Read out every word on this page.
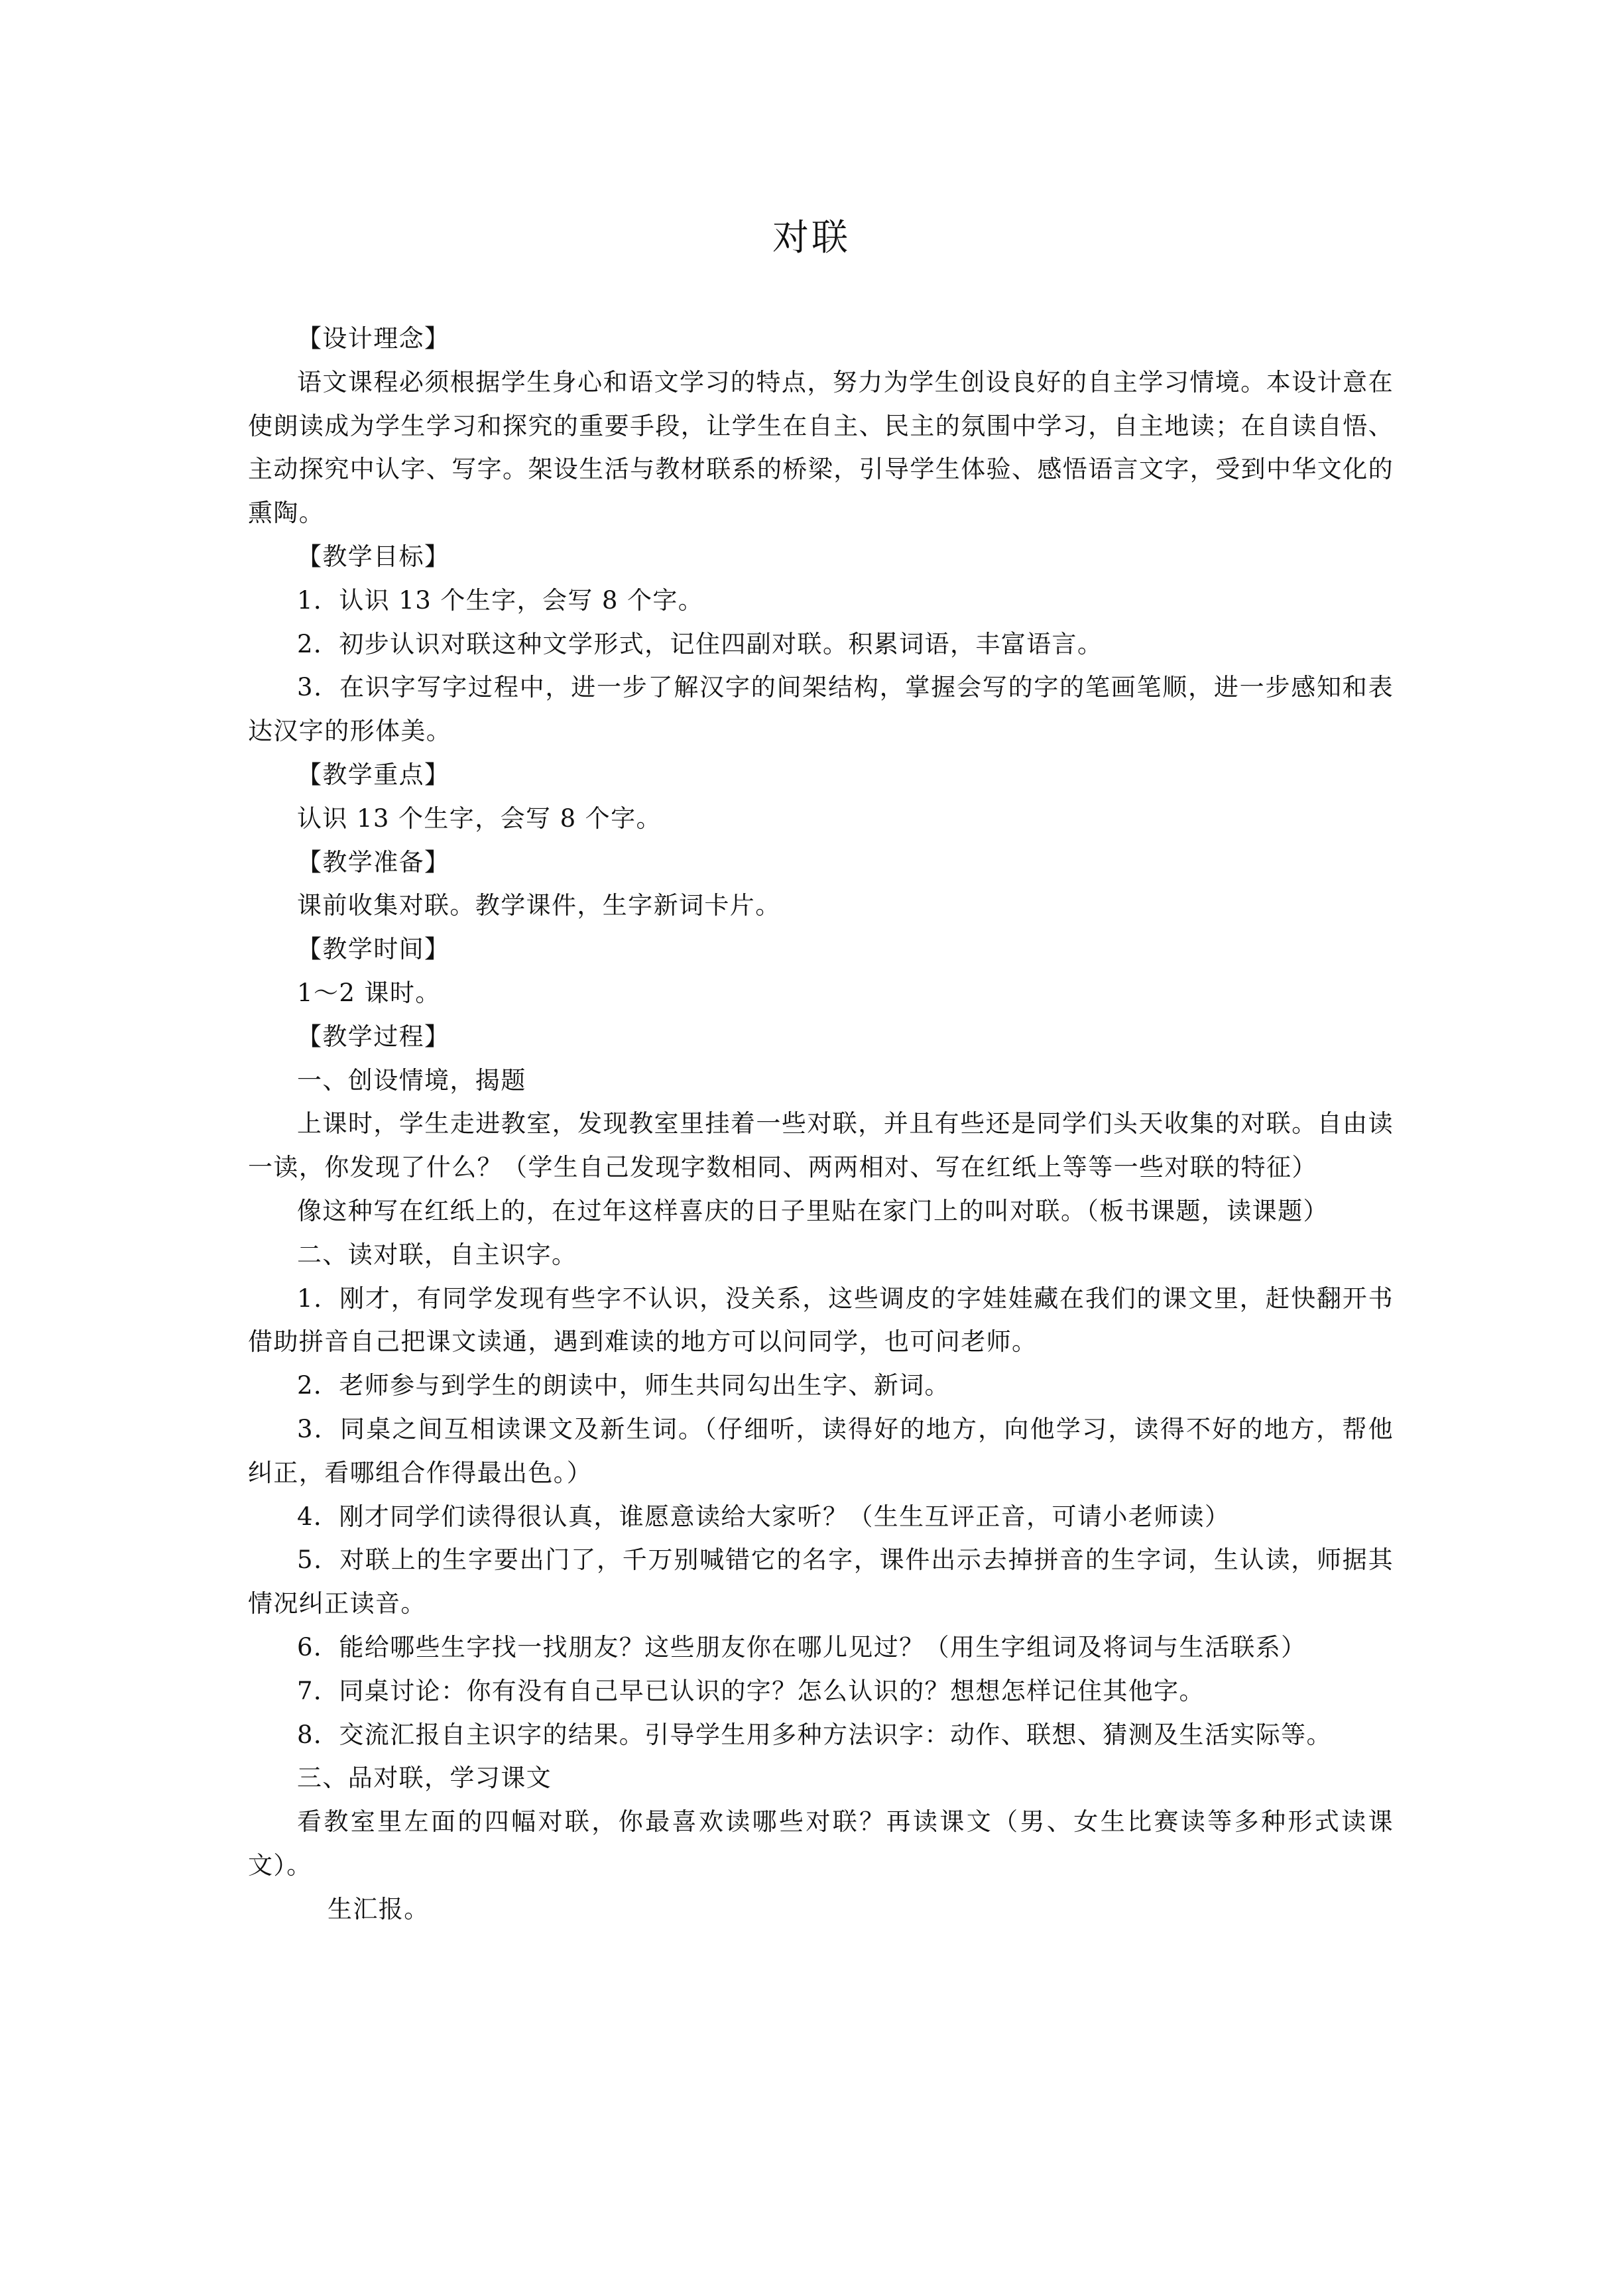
对联

【设计理念】

语文课程必须根据学生身心和语文学习的特点，努力为学生创设良好的自主学习情境。本设计意在使朗读成为学生学习和探究的重要手段，让学生在自主、民主的氛围中学习，自主地读；在自读自悟、主动探究中认字、写字。架设生活与教材联系的桥梁，引导学生体验、感悟语言文字，受到中华文化的熏陶。

【教学目标】

1．认识 13 个生字，会写 8 个字。

2．初步认识对联这种文学形式，记住四副对联。积累词语，丰富语言。

3．在识字写字过程中，进一步了解汉字的间架结构，掌握会写的字的笔画笔顺，进一步感知和表达汉字的形体美。

【教学重点】

认识 13 个生字，会写 8 个字。

【教学准备】

课前收集对联。教学课件，生字新词卡片。

【教学时间】

1～2 课时。

【教学过程】

一、创设情境，揭题

上课时，学生走进教室，发现教室里挂着一些对联，并且有些还是同学们头天收集的对联。自由读一读，你发现了什么？（学生自己发现字数相同、两两相对、写在红纸上等等一些对联的特征）

像这种写在红纸上的，在过年这样喜庆的日子里贴在家门上的叫对联。（板书课题，读课题）

二、读对联，自主识字。

1．刚才，有同学发现有些字不认识，没关系，这些调皮的字娃娃藏在我们的课文里，赶快翻开书借助拼音自己把课文读通，遇到难读的地方可以问同学，也可问老师。

2．老师参与到学生的朗读中，师生共同勾出生字、新词。

3．同桌之间互相读课文及新生词。（仔细听，读得好的地方，向他学习，读得不好的地方，帮他纠正，看哪组合作得最出色。）

4．刚才同学们读得很认真，谁愿意读给大家听？（生生互评正音，可请小老师读）

5．对联上的生字要出门了，千万别喊错它的名字，课件出示去掉拼音的生字词，生认读，师据其情况纠正读音。

6．能给哪些生字找一找朋友？这些朋友你在哪儿见过？（用生字组词及将词与生活联系）

7．同桌讨论：你有没有自己早已认识的字？怎么认识的？想想怎样记住其他字。

8．交流汇报自主识字的结果。引导学生用多种方法识字：动作、联想、猜测及生活实际等。

三、品对联，学习课文

看教室里左面的四幅对联，你最喜欢读哪些对联？再读课文（男、女生比赛读等多种形式读课文）。

生汇报。
